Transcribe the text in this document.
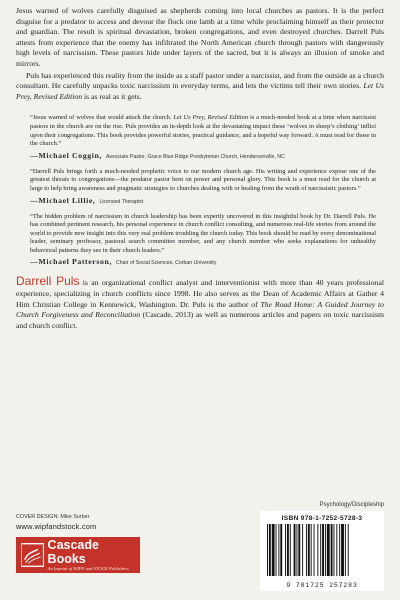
Jesus warned of wolves carefully disguised as shepherds coming into local churches as pastors. It is the perfect disguise for a predator to access and devour the flock one lamb at a time while proclaiming himself as their protector and guardian. The result is spiritual devastation, broken congregations, and even destroyed churches. Darrell Puls attests from experience that the enemy has infiltrated the North American church through pastors with dangerously high levels of narcissism. These pastors hide under layers of the sacred, but it is always an illusion of smoke and mirrors.

Puls has experienced this reality from the inside as a staff pastor under a narcissist, and from the outside as a church consultant. He carefully unpacks toxic narcissism in everyday terms, and lets the victims tell their own stories. Let Us Prey, Revised Edition is as real as it gets.

“Jesus warned of wolves that would attack the church. Let Us Prey, Revised Edition is a much-needed book at a time when narcissist pastors in the church are on the rise. Puls provides an in-depth look at the devastating impact these ‘wolves in sheep’s clothing’ inflict upon their congregations. This book provides powerful stories, practical guidance, and a hopeful way forward. A must read for those in the church.”

—Michael Coggin, Associate Pastor, Grace Blue Ridge Presbyterian Church, Hendersonville, NC

“Darrell Puls brings forth a much-needed prophetic voice to our modern church age. His writing and experience expose one of the greatest threats to congregations—the predator pastor bent on power and personal glory. This book is a must read for the church at large to help bring awareness and pragmatic strategies to churches dealing with or healing from the wrath of narcissistic pastors.”

—Michael Lillie, Licensed Therapist

“The hidden problem of narcissism in church leadership has been expertly uncovered in this insightful book by Dr. Darrell Puls. He has combined pertinent research, his personal experience in church conflict consulting, and numerous real-life stories from around the world to provide new insight into this very real problem troubling the church today. This book should be read by every denominational leader, seminary professor, pastoral search committee member, and any church member who seeks explanations for unhealthy behavioral patterns they see in their church leaders.”

—Michael Patterson, Chair of Social Sciences, Corban University

Darrell Puls is an organizational conflict analyst and interventionist with more than 40 years professional experience, specializing in church conflicts since 1998. He also serves as the Dean of Academic Affairs at Gather 4 Him Christian College in Kennewick, Washington. Dr. Puls is the author of The Road Home: A Guided Journey to Church Forgiveness and Reconciliation (Cascade, 2013) as well as numerous articles and papers on toxic narcissism and church conflict.

COVER DESIGN: Mike Surber
www.wipfandstock.com
Cascade Books
An Imprint of WIPF and STOCK Publishers
Psychology/Discipleship
ISBN 978-1-7252-5728-3
9 781725 257283
